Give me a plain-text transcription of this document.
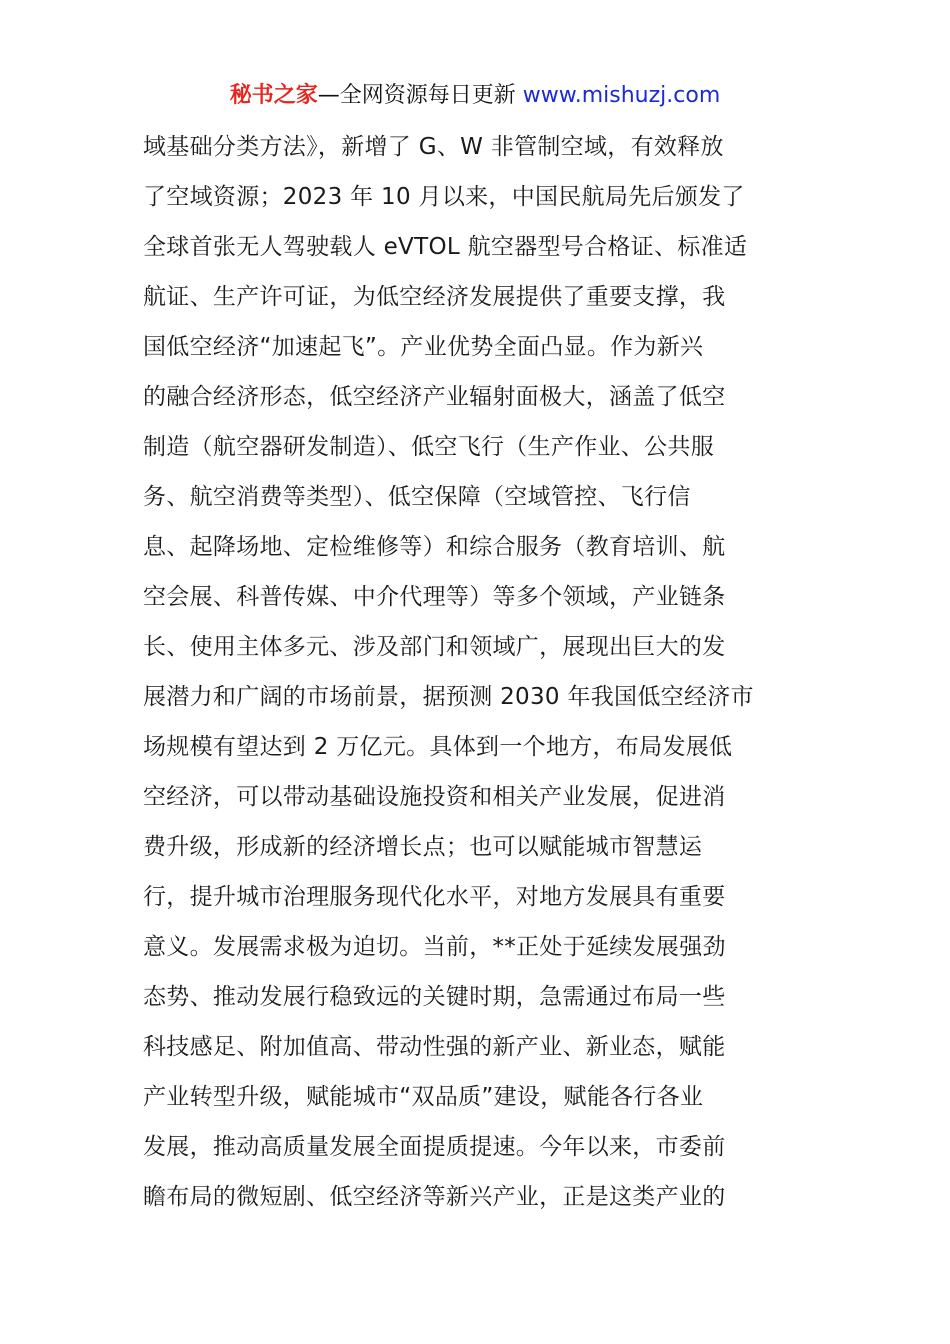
秘书之家—全网资源每日更新 www.mishuzj.com
域基础分类方法》，新增了 G、W 非管制空域，有效释放
了空域资源；2023 年 10 月以来，中国民航局先后颁发了
全球首张无人驾驶载人 eVTOL 航空器型号合格证、标准适
航证、生产许可证，为低空经济发展提供了重要支撑，我
国低空经济“加速起飞”。产业优势全面凸显。作为新兴
的融合经济形态，低空经济产业辐射面极大，涵盖了低空
制造（航空器研发制造）、低空飞行（生产作业、公共服
务、航空消费等类型）、低空保障（空域管控、飞行信
息、起降场地、定检维修等）和综合服务（教育培训、航
空会展、科普传媒、中介代理等）等多个领域，产业链条
长、使用主体多元、涉及部门和领域广，展现出巨大的发
展潜力和广阔的市场前景，据预测 2030 年我国低空经济市
场规模有望达到 2 万亿元。具体到一个地方，布局发展低
空经济，可以带动基础设施投资和相关产业发展，促进消
费升级，形成新的经济增长点；也可以赋能城市智慧运
行，提升城市治理服务现代化水平，对地方发展具有重要
意义。发展需求极为迫切。当前，**正处于延续发展强劲
态势、推动发展行稳致远的关键时期，急需通过布局一些
科技感足、附加值高、带动性强的新产业、新业态，赋能
产业转型升级，赋能城市“双品质”建设，赋能各行各业
发展，推动高质量发展全面提质提速。今年以来，市委前
瞻布局的微短剧、低空经济等新兴产业，正是这类产业的
